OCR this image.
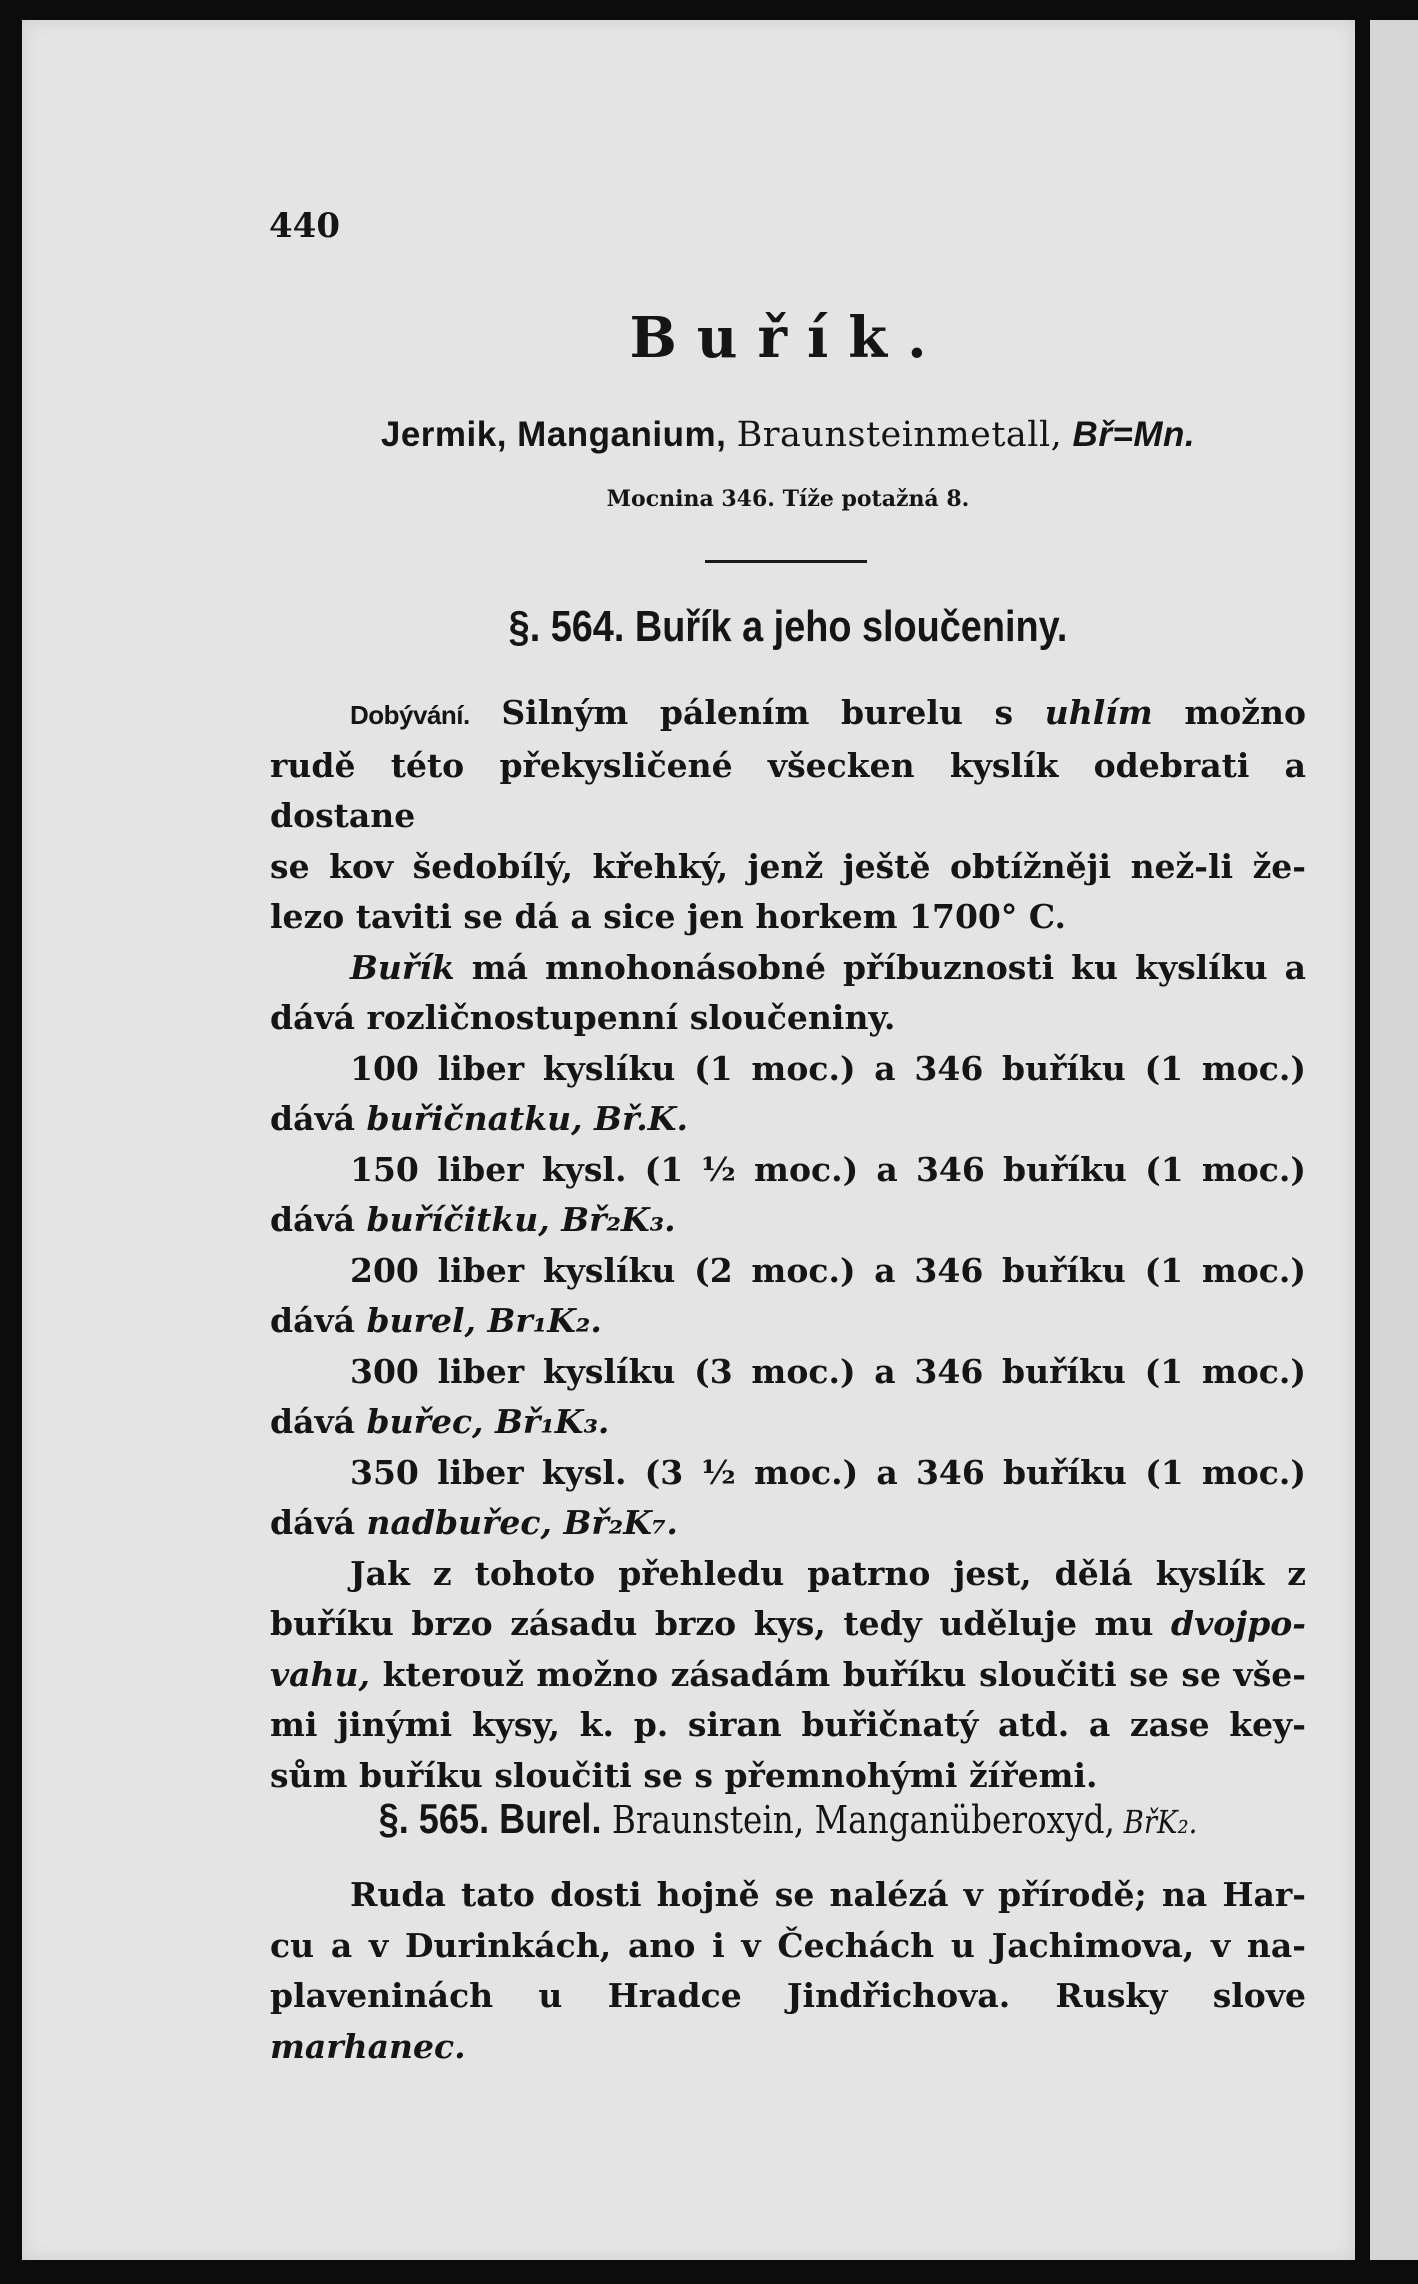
440
Buřík.
Jermik, Manganium, Braunsteinmetall, Bř=Mn.
Mocnina 346. Tíže potažná 8.
§. 564. Buřík a jeho sloučeniny.
Dobývání. Silným pálením burelu s uhlím možno
rudě této překysličené všecken kyslík odebrati a dostane
se kov šedobílý, křehký, jenž ještě obtížněji než-li že-
lezo taviti se dá a sice jen horkem 1700° C.
Buřík má mnohonásobné příbuznosti ku kyslíku a
dává rozličnostupenní sloučeniny.
100 liber kyslíku (1 moc.) a 346 buříku (1 moc.)
dává buřičnatku, Bř.K.
150 liber kysl. (1 ½ moc.) a 346 buříku (1 moc.)
dává buříčitku, Bř₂K₃.
200 liber kyslíku (2 moc.) a 346 buříku (1 moc.)
dává burel, Br₁K₂.
300 liber kyslíku (3 moc.) a 346 buříku (1 moc.)
dává buřec, Bř₁K₃.
350 liber kysl. (3 ½ moc.) a 346 buříku (1 moc.)
dává nadbuřec, Bř₂K₇.
Jak z tohoto přehledu patrno jest, dělá kyslík z
buříku brzo zásadu brzo kys, tedy uděluje mu dvojpo-
vahu, kterouž možno zásadám buříku sloučiti se se vše-
mi jinými kysy, k. p. siran buřičnatý atd. a zase key-
sům buříku sloučiti se s přemnohými žířemi.
§. 565. Burel. Braunstein, Manganüberoxyd, BřK₂.
Ruda tato dosti hojně se nalézá v přírodě; na Har-
cu a v Durinkách, ano i v Čechách u Jachimova, v na-
plaveninách u Hradce Jindřichova. Rusky slove marhanec.
